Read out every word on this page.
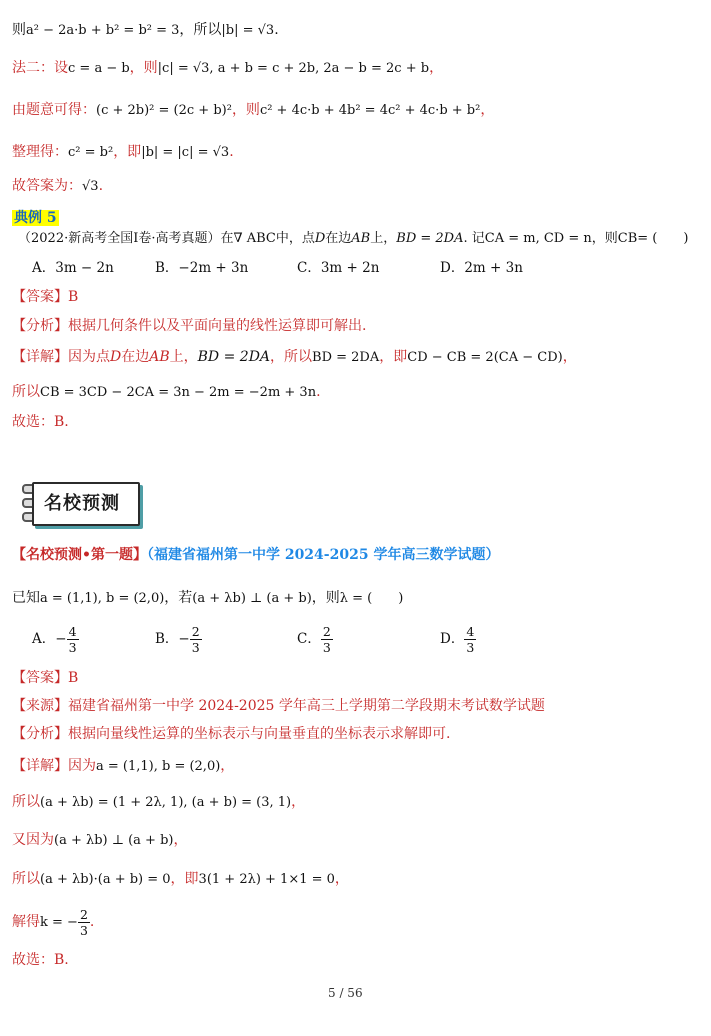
则a² − 2a·b + b² = b² = 3，所以|b| = √3.
法二：设c = a − b，则|c| = √3, a + b = c + 2b, 2a − b = 2c + b，
由题意可得：(c + 2b)² = (2c + b)²，则c² + 4c·b + 4b² = 4c² + 4c·b + b²，
整理得：c² = b²，即|b| = |c| = √3.
故答案为：√3.
典例 5
（2022·新高考全国I卷·高考真题）在∇ ABC中，点D在边AB上，BD = 2DA. 记CA = m, CD = n，则CB= (　　)
A．3m − 2n	B．−2m + 3n	C．3m + 2n	D．2m + 3n
【答案】B
【分析】根据几何条件以及平面向量的线性运算即可解出.
【详解】因为点D在边AB上，BD = 2DA，所以BD = 2DA，即CD − CB = 2(CA − CD)，
所以CB = 3CD − 2CA = 3n − 2m = −2m + 3n.
故选：B.
名校预测
【名校预测•第一题】（福建省福州第一中学 2024-2025 学年高三数学试题）
已知a = (1,1), b = (2,0)，若(a + λb) ⊥ (a + b)，则λ = (　　)
A．− $\frac{4}{3}$	B．− $\frac{2}{3}$	C． $\frac{2}{3}$	D． $\frac{4}{3}$
【答案】B
【来源】福建省福州第一中学 2024-2025 学年高三上学期第二学段期末考试数学试题
【分析】根据向量线性运算的坐标表示与向量垂直的坐标表示求解即可.
【详解】因为a = (1,1), b = (2,0)，
所以(a + λb) = (1 + 2λ, 1), (a + b) = (3, 1)，
又因为(a + λb) ⊥ (a + b)，
所以(a + λb)·(a + b) = 0，即3(1 + 2λ) + 1×1 = 0，
解得k = − $\frac{2}{3}$ .
故选：B.
5 / 56
